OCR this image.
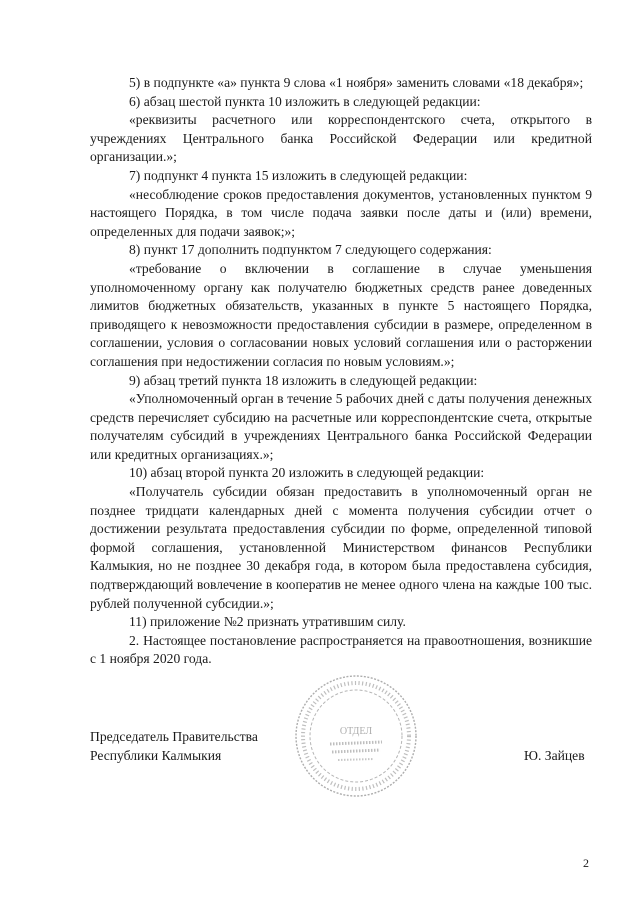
5) в подпункте «а» пункта 9 слова «1 ноября» заменить словами «18 декабря»;

6) абзац шестой пункта 10 изложить в следующей редакции:

«реквизиты расчетного или корреспондентского счета, открытого в учреждениях Центрального банка Российской Федерации или кредитной организации.»;

7) подпункт 4 пункта 15 изложить в следующей редакции:

«несоблюдение сроков предоставления документов, установленных пунктом 9 настоящего Порядка, в том числе подача заявки после даты и (или) времени, определенных для подачи заявок;»;

8) пункт 17 дополнить подпунктом 7 следующего содержания:

«требование о включении в соглашение в случае уменьшения уполномоченному органу как получателю бюджетных средств ранее доведенных лимитов бюджетных обязательств, указанных в пункте 5 настоящего Порядка, приводящего к невозможности предоставления субсидии в размере, определенном в соглашении, условия о согласовании новых условий соглашения или о расторжении соглашения при недостижении согласия по новым условиям.»;

9) абзац третий пункта 18 изложить в следующей редакции:

«Уполномоченный орган в течение 5 рабочих дней с даты получения денежных средств перечисляет субсидию на расчетные или корреспондентские счета, открытые получателям субсидий в учреждениях Центрального банка Российской Федерации или кредитных организациях.»;

10) абзац второй пункта 20 изложить в следующей редакции:

«Получатель субсидии обязан предоставить в уполномоченный орган не позднее тридцати календарных дней с момента получения субсидии отчет о достижении результата предоставления субсидии по форме, определенной типовой формой соглашения, установленной Министерством финансов Республики Калмыкия, но не позднее 30 декабря года, в котором была предоставлена субсидия, подтверждающий вовлечение в кооператив не менее одного члена на каждые 100 тыс. рублей полученной субсидии.»;

11) приложение №2 признать утратившим силу.

2. Настоящее постановление распространяется на правоотношения, возникшие с 1 ноября 2020 года.

Председатель Правительства
Республики Калмыкия
ОТДЕЛ
Ю. Зайцев
2
